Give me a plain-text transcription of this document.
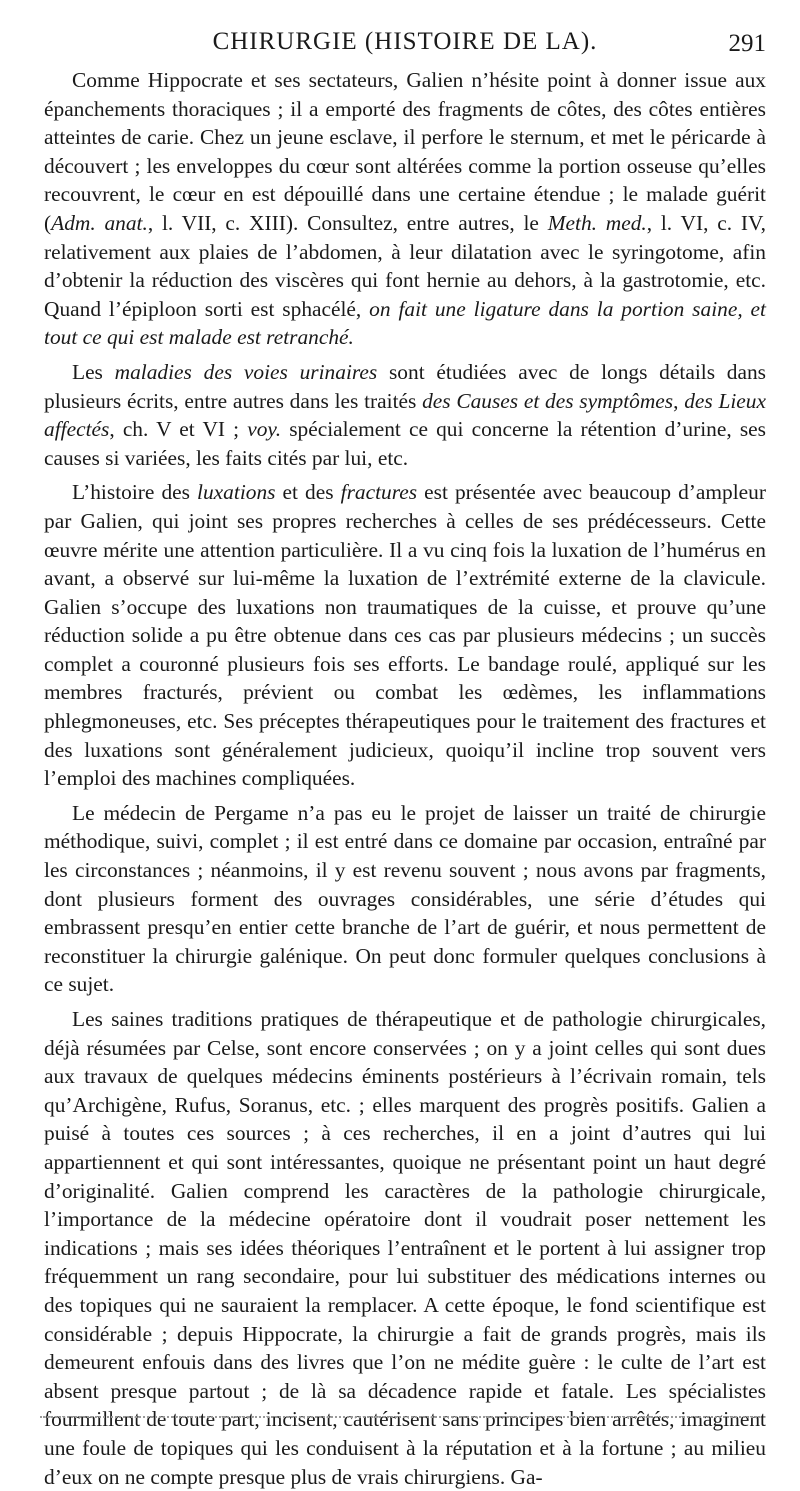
CHIRURGIE (HISTOIRE DE LA).	291

Comme Hippocrate et ses sectateurs, Galien n’hésite point à donner issue aux épanchements thoraciques ; il a emporté des fragments de côtes, des côtes entières atteintes de carie. Chez un jeune esclave, il perfore le sternum, et met le péricarde à découvert ; les enveloppes du cœur sont altérées comme la portion osseuse qu’elles recouvrent, le cœur en est dépouillé dans une certaine étendue ; le malade guérit (Adm. anat., l. VII, c. XIII). Consultez, entre autres, le Meth. med., l. VI, c. IV, relativement aux plaies de l’abdomen, à leur dilatation avec le syringotome, afin d’obtenir la réduction des viscères qui font hernie au dehors, à la gastrotomie, etc. Quand l’épiploon sorti est sphacélé, on fait une ligature dans la portion saine, et tout ce qui est malade est retranché.

Les maladies des voies urinaires sont étudiées avec de longs détails dans plusieurs écrits, entre autres dans les traités des Causes et des symptômes, des Lieux affectés, ch. V et VI ; voy. spécialement ce qui concerne la rétention d’urine, ses causes si variées, les faits cités par lui, etc.

L’histoire des luxations et des fractures est présentée avec beaucoup d’ampleur par Galien, qui joint ses propres recherches à celles de ses prédécesseurs. Cette œuvre mérite une attention particulière. Il a vu cinq fois la luxation de l’humérus en avant, a observé sur lui-même la luxation de l’extrémité externe de la clavicule. Galien s’occupe des luxations non traumatiques de la cuisse, et prouve qu’une réduction solide a pu être obtenue dans ces cas par plusieurs médecins ; un succès complet a couronné plusieurs fois ses efforts. Le bandage roulé, appliqué sur les membres fracturés, prévient ou combat les œdèmes, les inflammations phlegmoneuses, etc. Ses préceptes thérapeutiques pour le traitement des fractures et des luxations sont généralement judicieux, quoiqu’il incline trop souvent vers l’emploi des machines compliquées.

Le médecin de Pergame n’a pas eu le projet de laisser un traité de chirurgie méthodique, suivi, complet ; il est entré dans ce domaine par occasion, entraîné par les circonstances ; néanmoins, il y est revenu souvent ; nous avons par fragments, dont plusieurs forment des ouvrages considérables, une série d’études qui embrassent presqu’en entier cette branche de l’art de guérir, et nous permettent de reconstituer la chirurgie galénique. On peut donc formuler quelques conclusions à ce sujet.

Les saines traditions pratiques de thérapeutique et de pathologie chirurgicales, déjà résumées par Celse, sont encore conservées ; on y a joint celles qui sont dues aux travaux de quelques médecins éminents postérieurs à l’écrivain romain, tels qu’Archigène, Rufus, Soranus, etc. ; elles marquent des progrès positifs. Galien a puisé à toutes ces sources ; à ces recherches, il en a joint d’autres qui lui appartiennent et qui sont intéressantes, quoique ne présentant point un haut degré d’originalité. Galien comprend les caractères de la pathologie chirurgicale, l’importance de la médecine opératoire dont il voudrait poser nettement les indications ; mais ses idées théoriques l’entraînent et le portent à lui assigner trop fréquemment un rang secondaire, pour lui substituer des médications internes ou des topiques qui ne sauraient la remplacer. A cette époque, le fond scientifique est considérable ; depuis Hippocrate, la chirurgie a fait de grands progrès, mais ils demeurent enfouis dans des livres que l’on ne médite guère : le culte de l’art est absent presque partout ; de là sa décadence rapide et fatale. Les spécialistes fourmillent de toute part, incisent, cautérisent sans principes bien arrêtés, imaginent une foule de topiques qui les conduisent à la réputation et à la fortune ; au milieu d’eux on ne compte presque plus de vrais chirurgiens. Ga-
